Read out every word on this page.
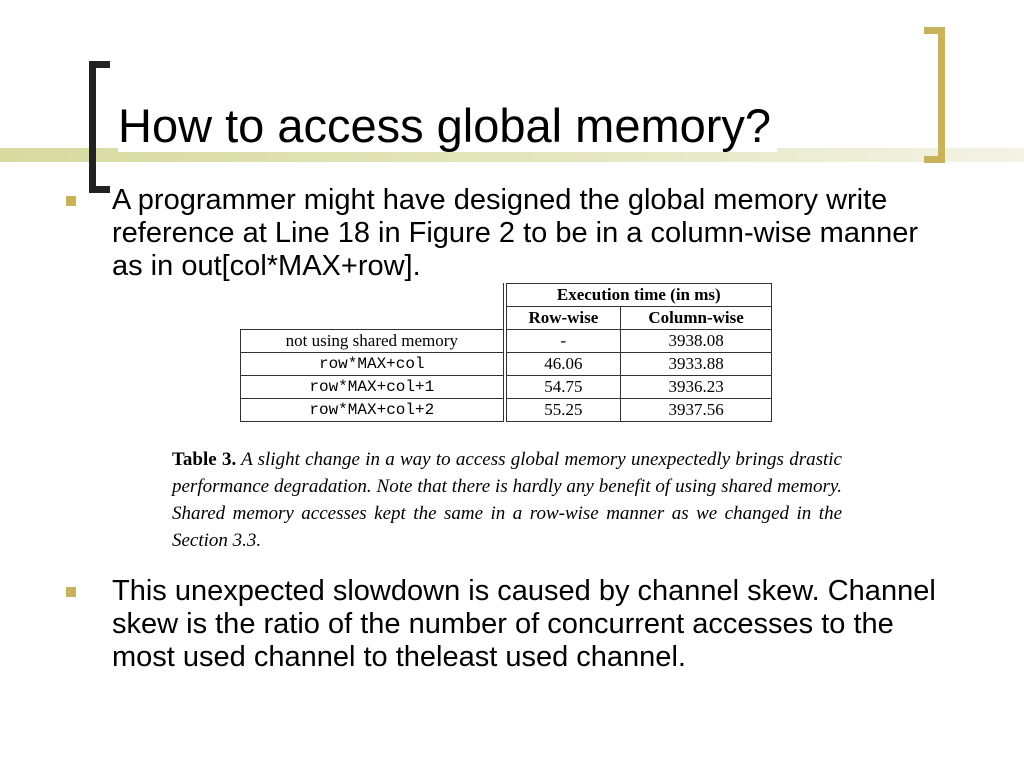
How to access global memory?

A programmer might have designed the global memory write reference at Line 18 in Figure 2 to be in a column-wise manner as in out[col*MAX+row].

	Execution time (in ms)	
	Row-wise	Column-wise
not using shared memory	-	3938.08
row*MAX+col	46.06	3933.88
row*MAX+col+1	54.75	3936.23
row*MAX+col+2	55.25	3937.56

Table 3. A slight change in a way to access global memory unexpectedly brings drastic performance degradation. Note that there is hardly any benefit of using shared memory. Shared memory accesses kept the same in a row-wise manner as we changed in the Section 3.3.

This unexpected slowdown is caused by channel skew. Channel skew is the ratio of the number of concurrent accesses to the most used channel to theleast used channel.
